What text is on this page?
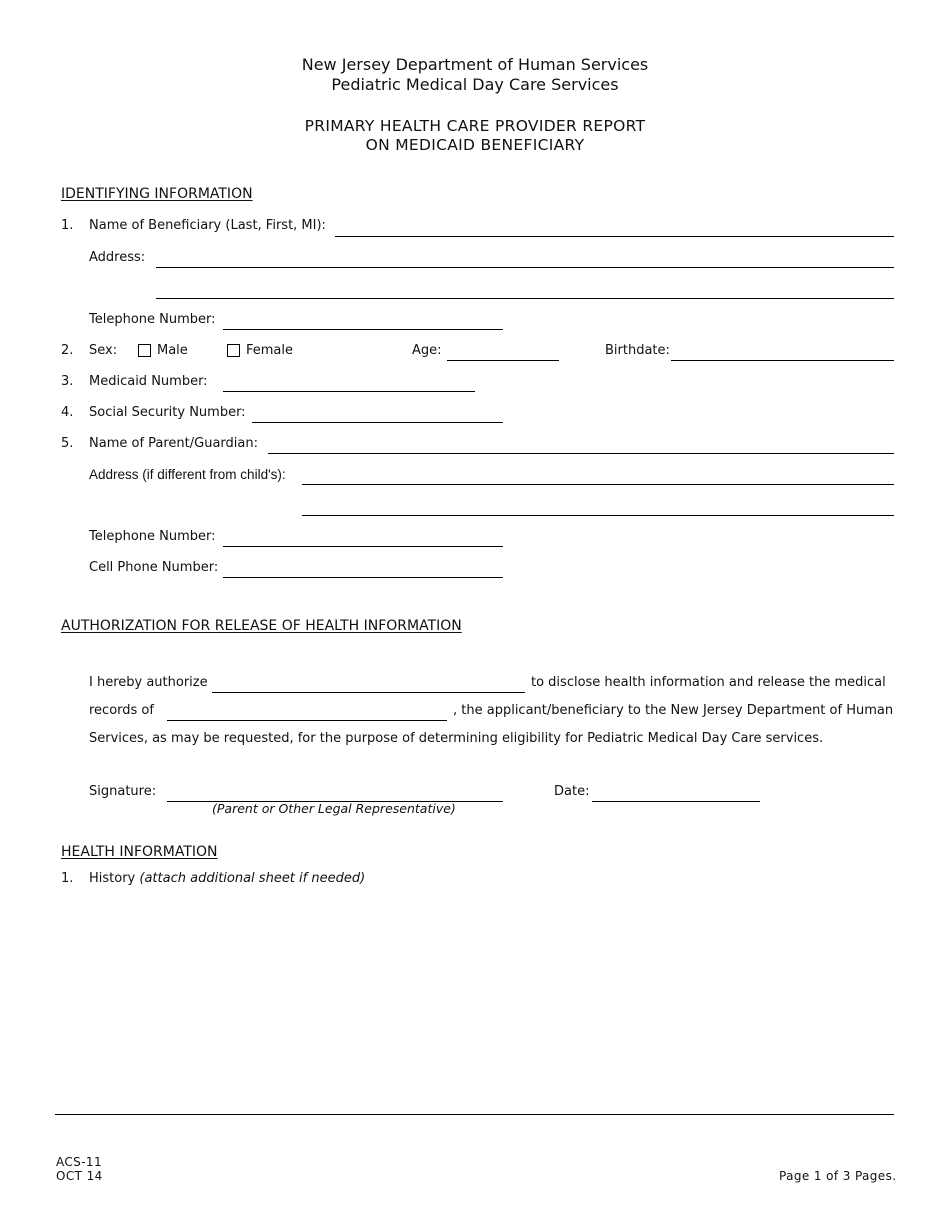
New Jersey Department of Human Services
Pediatric Medical Day Care Services
PRIMARY HEALTH CARE PROVIDER REPORT
ON MEDICAID BENEFICIARY
IDENTIFYING INFORMATION
1. Name of Beneficiary (Last, First, MI):
Address:
Telephone Number:
2. Sex:	Male	Female	Age:	Birthdate:
3. Medicaid Number:
4. Social Security Number:
5. Name of Parent/Guardian:
Address (if different from child's):
Telephone Number:
Cell Phone Number:
AUTHORIZATION FOR RELEASE OF HEALTH INFORMATION
I hereby authorize	to disclose health information and release the medical
records of	, the applicant/beneficiary to the New Jersey Department of Human
Services, as may be requested, for the purpose of determining eligibility for Pediatric Medical Day Care services.
Signature:
(Parent or Other Legal Representative)
Date:
HEALTH INFORMATION
1. History (attach additional sheet if needed)
ACS-11
OCT 14	Page 1 of 3 Pages.
